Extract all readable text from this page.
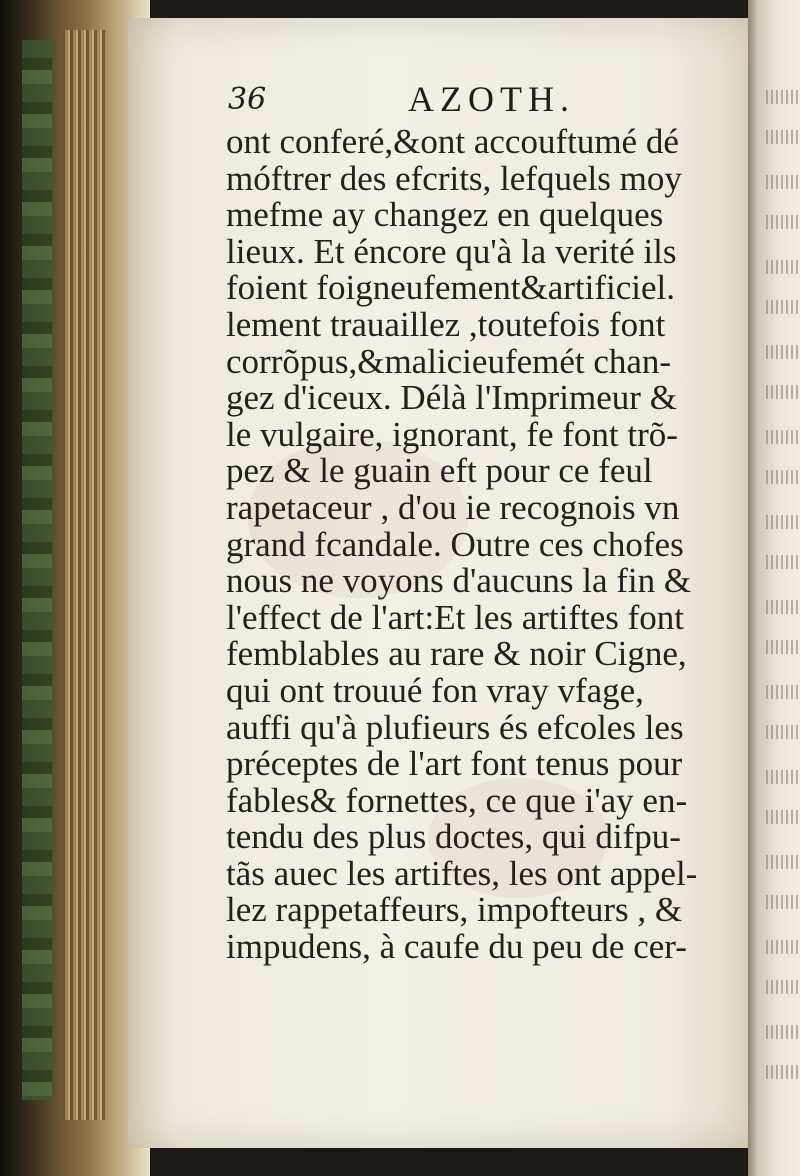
36	AZOTH.
ont conferé,&ont accouftumé dé
móftrer des efcrits, lefquels moy
mefme ay changez en quelques
lieux. Et éncore qu'à la verité ils
foient foigneufement&artificiel.
lement trauaillez ,toutefois font
corrõpus,&malicieufemét chan-
gez d'iceux. Délà l'Imprimeur &
le vulgaire, ignorant, fe font trõ-
pez & le guain eft pour ce feul
rapetaceur , d'ou ie recognois vn
grand fcandale. Outre ces chofes
nous ne voyons d'aucuns la fin &
l'effect de l'art:Et les artiftes font
femblables au rare & noir Cigne,
qui ont trouué fon vray vfage,
auffi qu'à plufieurs és efcoles les
préceptes de l'art font tenus pour
fables& fornettes, ce que i'ay en-
tendu des plus doctes, qui difpu-
tãs auec les artiftes, les ont appel-
lez rappetaffeurs, impofteurs , &
impudens, à caufe du peu de cer-
